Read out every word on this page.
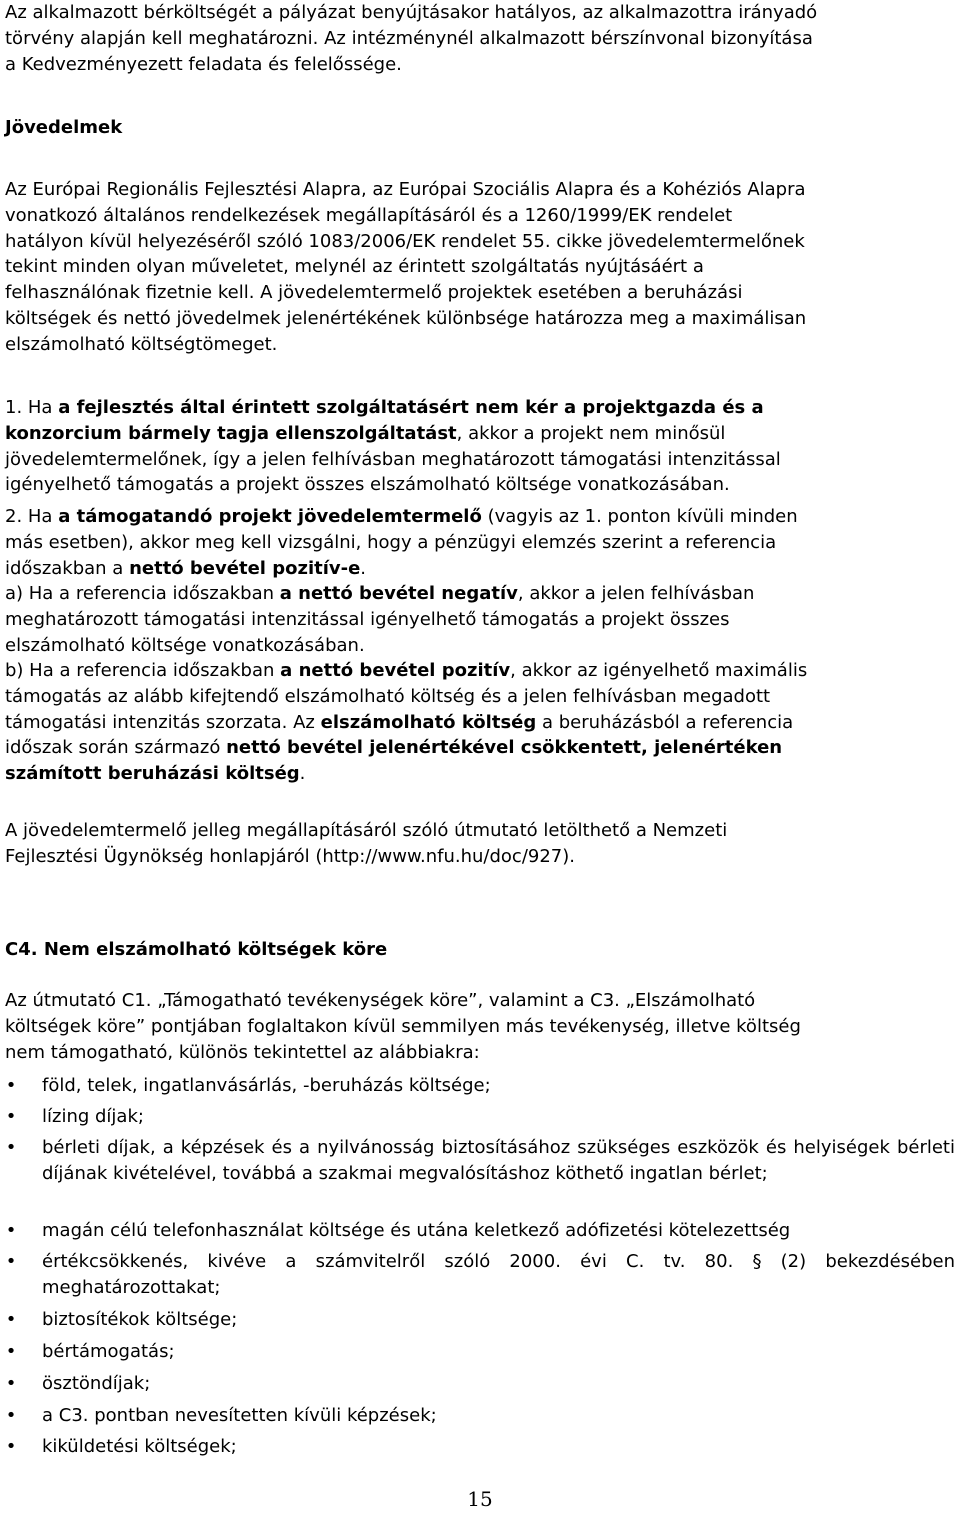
Az alkalmazott bérköltségét a pályázat benyújtásakor hatályos, az alkalmazottra irányadó

törvény alapján kell meghatározni. Az intézménynél alkalmazott bérszínvonal bizonyítása

a Kedvezményezett feladata és felelőssége.

Jövedelmek

Az Európai Regionális Fejlesztési Alapra, az Európai Szociális Alapra és a Kohéziós Alapra

vonatkozó általános rendelkezések megállapításáról és a 1260/1999/EK rendelet

hatályon kívül helyezéséről szóló 1083/2006/EK rendelet 55. cikke jövedelemtermelőnek

tekint minden olyan műveletet, melynél az érintett szolgáltatás nyújtásáért a

felhasználónak fizetnie kell. A jövedelemtermelő projektek esetében a beruházási

költségek és nettó jövedelmek jelenértékének különbsége határozza meg a maximálisan

elszámolható költségtömeget.

1. Ha a fejlesztés által érintett szolgáltatásért nem kér a projektgazda és a

konzorcium bármely tagja ellenszolgáltatást, akkor a projekt nem minősül

jövedelemtermelőnek, így a jelen felhívásban meghatározott támogatási intenzitással

igényelhető támogatás a projekt összes elszámolható költsége vonatkozásában.

2. Ha a támogatandó projekt jövedelemtermelő (vagyis az 1. ponton kívüli minden

más esetben), akkor meg kell vizsgálni, hogy a pénzügyi elemzés szerint a referencia

időszakban a nettó bevétel pozitív-e.

a) Ha a referencia időszakban a nettó bevétel negatív, akkor a jelen felhívásban

meghatározott támogatási intenzitással igényelhető támogatás a projekt összes

elszámolható költsége vonatkozásában.

b) Ha a referencia időszakban a nettó bevétel pozitív, akkor az igényelhető maximális

támogatás az alább kifejtendő elszámolható költség és a jelen felhívásban megadott

támogatási intenzitás szorzata. Az elszámolható költség a beruházásból a referencia

időszak során származó nettó bevétel jelenértékével csökkentett, jelenértéken

számított beruházási költség.

A jövedelemtermelő jelleg megállapításáról szóló útmutató letölthető a Nemzeti

Fejlesztési Ügynökség honlapjáról (http://www.nfu.hu/doc/927).

C4. Nem elszámolható költségek köre

Az útmutató C1. „Támogatható tevékenységek köre”, valamint a C3. „Elszámolható

költségek köre” pontjában foglaltakon kívül semmilyen más tevékenység, illetve költség

nem támogatható, különös tekintettel az alábbiakra:

• föld, telek, ingatlanvásárlás, -beruházás költsége;
• lízing díjak;
• bérleti díjak, a képzések és a nyilvánosság biztosításához szükséges eszközök és helyiségek bérleti díjának kivételével, továbbá a szakmai megvalósításhoz köthető ingatlan bérlet;
• magán célú telefonhasználat költsége és utána keletkező adófizetési kötelezettség
• értékcsökkenés, kivéve a számvitelről szóló 2000. évi C. tv. 80. § (2) bekezdésében meghatározottakat;
• biztosítékok költsége;
• bértámogatás;
• ösztöndíjak;
• a C3. pontban nevesítetten kívüli képzések;
• kiküldetési költségek;
15
